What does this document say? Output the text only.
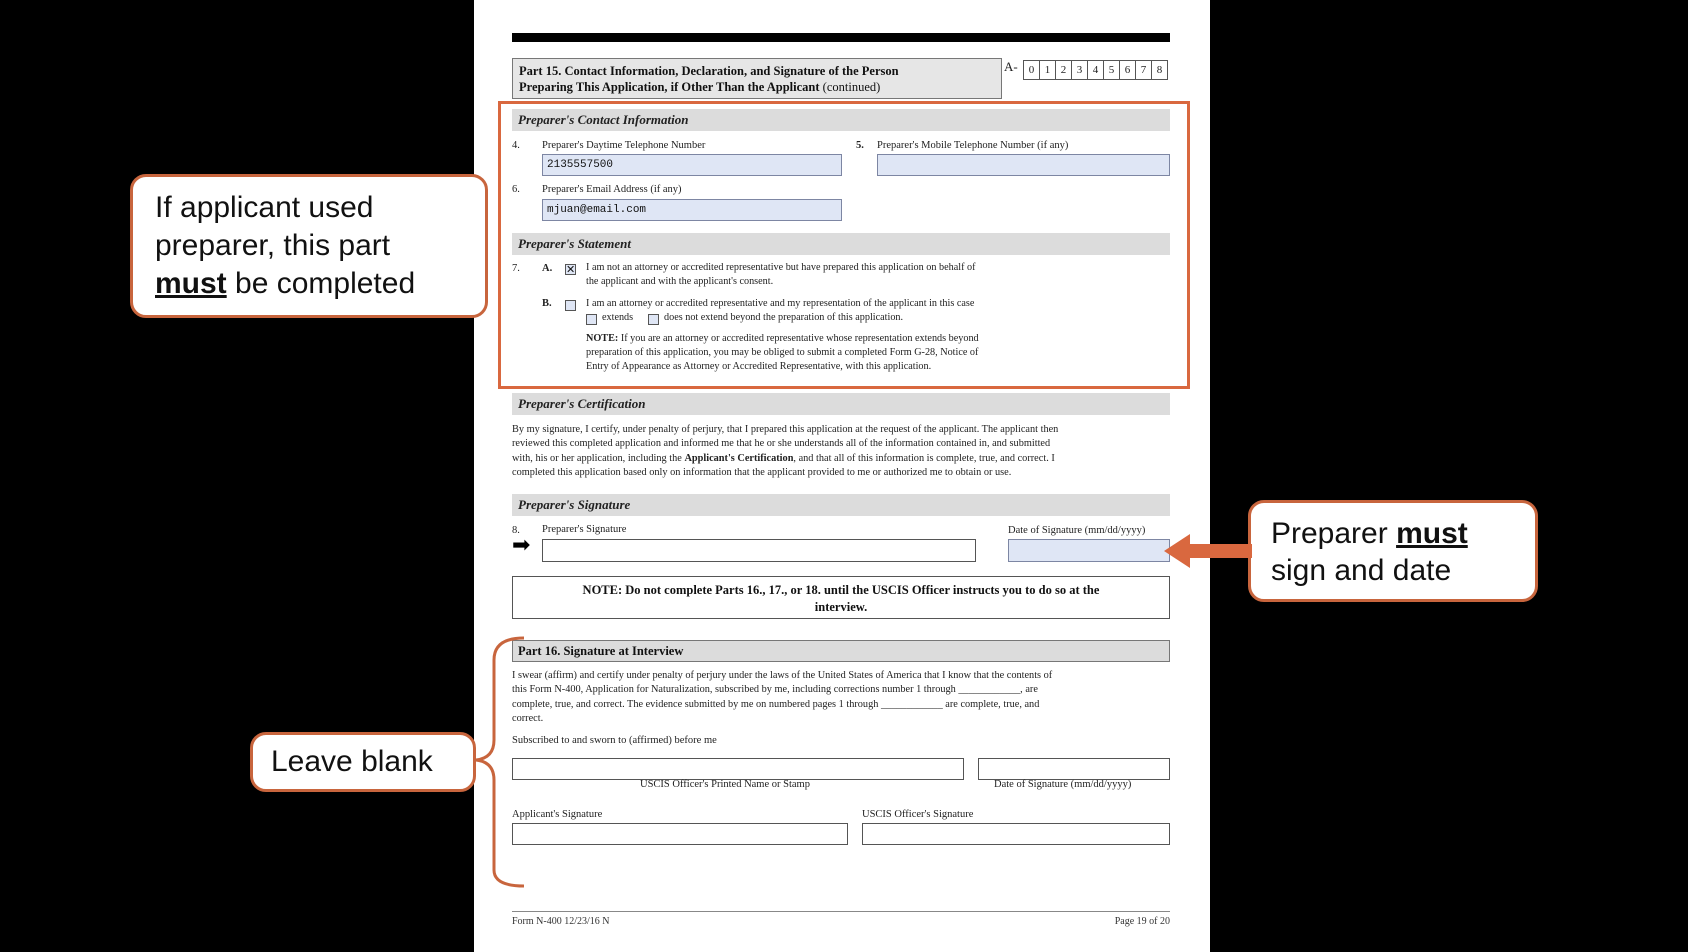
Part 15. Contact Information, Declaration, and Signature of the Person
Preparing This Application, if Other Than the Applicant (continued)
A-	0 1 2 3 4 5 6 7 8
Preparer's Contact Information
4. Preparer's Daytime Telephone Number
2135557500
5. Preparer's Mobile Telephone Number (if any)
6. Preparer's Email Address (if any)
mjuan@email.com
Preparer's Statement
7. A. ✕ I am not an attorney or accredited representative but have prepared this application on behalf of
the applicant and with the applicant's consent.
B.	I am an attorney or accredited representative and my representation of the applicant in this case
extends	does not extend beyond the preparation of this application.
NOTE: If you are an attorney or accredited representative whose representation extends beyond
preparation of this application, you may be obliged to submit a completed Form G-28, Notice of
Entry of Appearance as Attorney or Accredited Representative, with this application.
Preparer's Certification
By my signature, I certify, under penalty of perjury, that I prepared this application at the request of the applicant. The applicant then
reviewed this completed application and informed me that he or she understands all of the information contained in, and submitted
with, his or her application, including the Applicant's Certification, and that all of this information is complete, true, and correct. I
completed this application based only on information that the applicant provided to me or authorized me to obtain or use.
Preparer's Signature
8. Preparer's Signature
➡
Date of Signature (mm/dd/yyyy)
NOTE: Do not complete Parts 16., 17., or 18. until the USCIS Officer instructs you to do so at the
interview.
Part 16. Signature at Interview
I swear (affirm) and certify under penalty of perjury under the laws of the United States of America that I know that the contents of
this Form N-400, Application for Naturalization, subscribed by me, including corrections number 1 through ____________, are
complete, true, and correct. The evidence submitted by me on numbered pages 1 through ____________ are complete, true, and
correct.
Subscribed to and sworn to (affirmed) before me
USCIS Officer's Printed Name or Stamp	Date of Signature (mm/dd/yyyy)
Applicant's Signature	USCIS Officer's Signature
Form N-400 12/23/16 N	Page 19 of 20
If applicant used
preparer, this part
must be completed
Preparer must
sign and date
Leave blank
